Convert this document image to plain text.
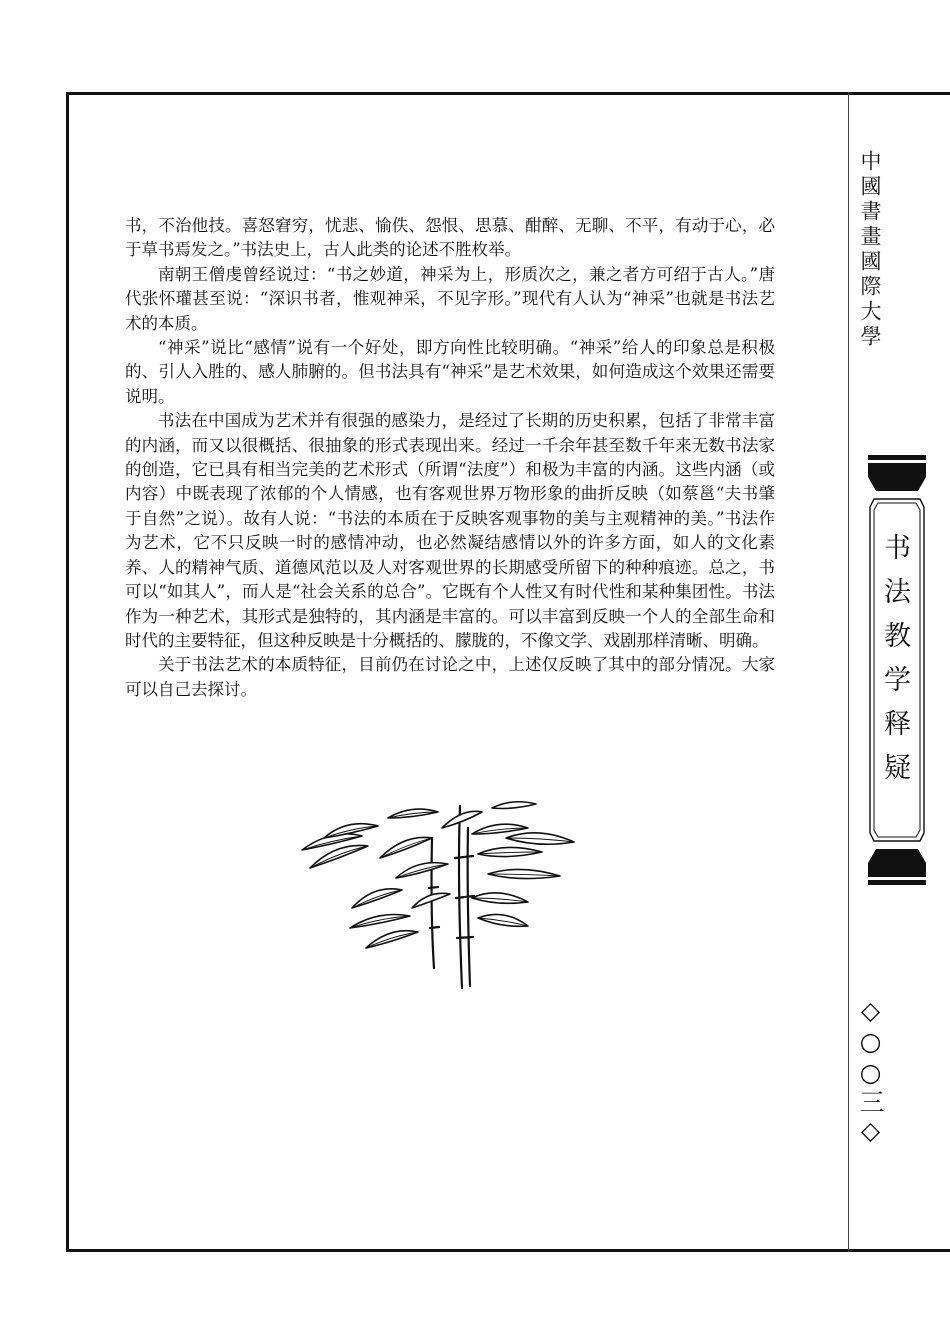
书，不治他技。喜怒窘穷，忧悲、愉佚、怨恨、思慕、酣醉、无聊、不平，有动于心，必于草书焉发之。”书法史上，古人此类的论述不胜枚举。

南朝王僧虔曾经说过：“书之妙道，神采为上，形质次之，兼之者方可绍于古人。”唐代张怀瓘甚至说：“深识书者，惟观神采，不见字形。”现代有人认为“神采”也就是书法艺术的本质。

“神采”说比“感情”说有一个好处，即方向性比较明确。“神采”给人的印象总是积极的、引人入胜的、感人肺腑的。但书法具有“神采”是艺术效果，如何造成这个效果还需要说明。

书法在中国成为艺术并有很强的感染力，是经过了长期的历史积累，包括了非常丰富的内涵，而又以很概括、很抽象的形式表现出来。经过一千余年甚至数千年来无数书法家的创造，它已具有相当完美的艺术形式（所谓“法度”）和极为丰富的内涵。这些内涵（或内容）中既表现了浓郁的个人情感，也有客观世界万物形象的曲折反映（如蔡邕“夫书肇于自然”之说）。故有人说：“书法的本质在于反映客观事物的美与主观精神的美。”书法作为艺术，它不只反映一时的感情冲动，也必然凝结感情以外的许多方面，如人的文化素养、人的精神气质、道德风范以及人对客观世界的长期感受所留下的种种痕迹。总之，书可以“如其人”，而人是“社会关系的总合”。它既有个人性又有时代性和某种集团性。书法作为一种艺术，其形式是独特的，其内涵是丰富的。可以丰富到反映一个人的全部生命和时代的主要特征，但这种反映是十分概括的、朦胧的，不像文学、戏剧那样清晰、明确。

关于书法艺术的本质特征，目前仍在讨论之中，上述仅反映了其中的部分情况。大家可以自己去探讨。

中國書畫國際大學
书法教学释疑
◇○○三◇
